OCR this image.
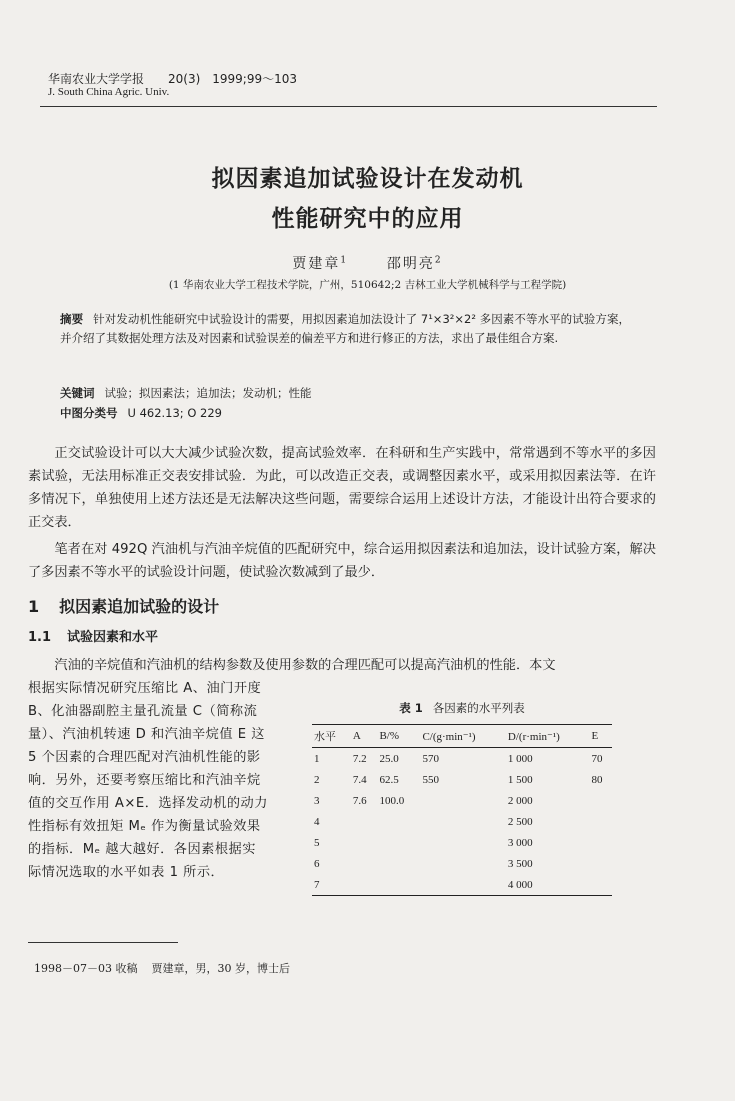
华南农业大学学报　　20(3)　1999;99～103
J. South China Agric. Univ.
拟因素追加试验设计在发动机
性能研究中的应用
贾建章$^1$	邵明亮$^2$
(1 华南农业大学工程技术学院，广州，510642;2 吉林工业大学机械科学与工程学院)
摘要 针对发动机性能研究中试验设计的需要，用拟因素追加法设计了 7¹×3²×2² 多因素不等水平的试验方案，并介绍了其数据处理方法及对因素和试验误差的偏差平方和进行修正的方法，求出了最佳组合方案.
关键词 试验；拟因素法；追加法；发动机；性能
中图分类号 U 462.13; O 229
正交试验设计可以大大减少试验次数，提高试验效率．在科研和生产实践中，常常遇到不等水平的多因素试验，无法用标准正交表安排试验．为此，可以改造正交表，或调整因素水平，或采用拟因素法等．在许多情况下，单独使用上述方法还是无法解决这些问题，需要综合运用上述设计方法，才能设计出符合要求的正交表．
笔者在对 492Q 汽油机与汽油辛烷值的匹配研究中，综合运用拟因素法和追加法，设计试验方案，解决了多因素不等水平的试验设计问题，使试验次数减到了最少．
1 拟因素追加试验的设计
1.1 试验因素和水平
汽油的辛烷值和汽油机的结构参数及使用参数的合理匹配可以提高汽油机的性能．本文
根据实际情况研究压缩比 A、油门开度 B、化油器副腔主量孔流量 C（简称流量）、汽油机转速 D 和汽油辛烷值 E 这 5 个因素的合理匹配对汽油机性能的影响．另外，还要考察压缩比和汽油辛烷值的交互作用 A×E．选择发动机的动力性指标有效扭矩 Mₑ 作为衡量试验效果的指标．Mₑ 越大越好．各因素根据实际情况选取的水平如表 1 所示．
表 1 各因素的水平列表
水平	A	B/%	C/(g·min⁻¹)	D/(r·min⁻¹)	E
1	7.2	25.0	570	1 000	70
2	7.4	62.5	550	1 500	80
3	7.6	100.0		2 000	
4				2 500	
5				3 000	
6				3 500	
7				4 000	
1998－07－03 收稿 贾建章，男，30 岁，博士后
